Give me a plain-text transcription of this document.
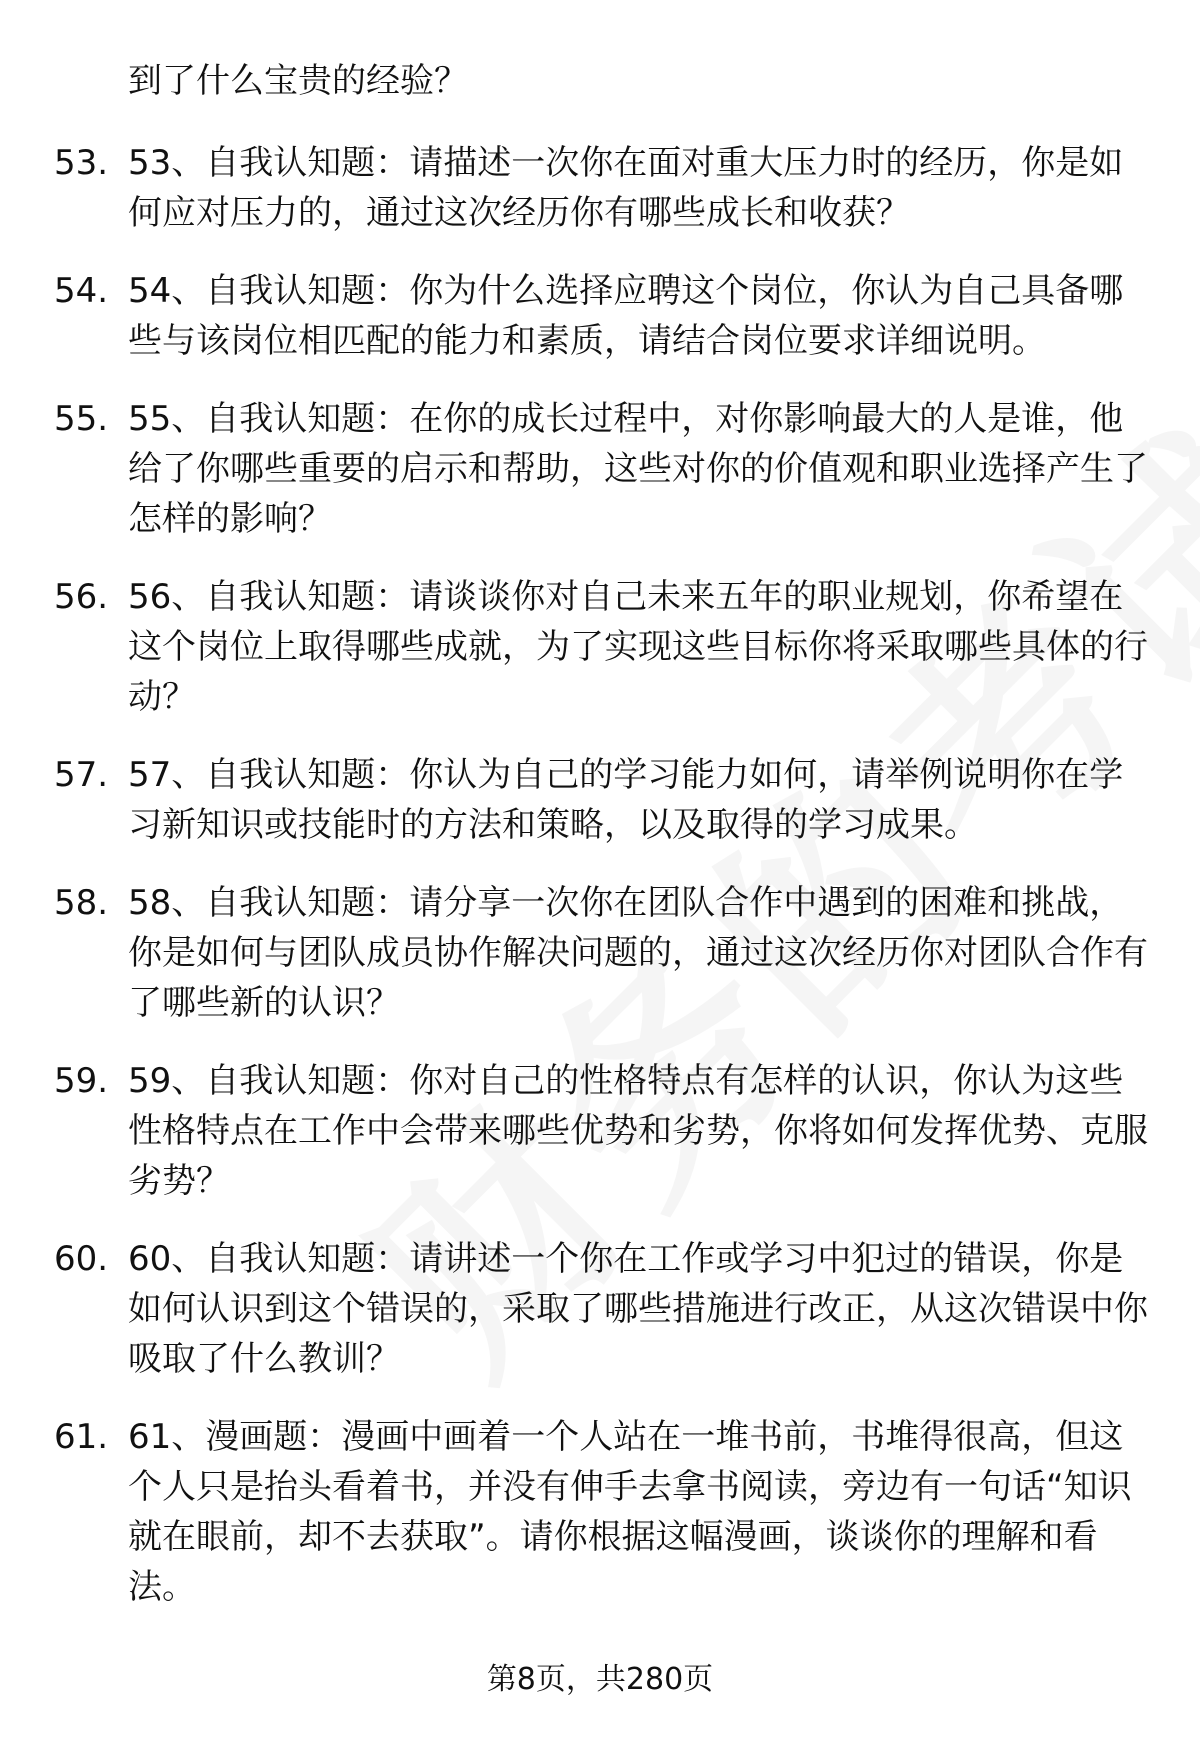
到了什么宝贵的经验？
53. 53、自我认知题：请描述一次你在面对重大压力时的经历，你是如何应对压力的，通过这次经历你有哪些成长和收获？
54. 54、自我认知题：你为什么选择应聘这个岗位，你认为自己具备哪些与该岗位相匹配的能力和素质，请结合岗位要求详细说明。
55. 55、自我认知题：在你的成长过程中，对你影响最大的人是谁，他给了你哪些重要的启示和帮助，这些对你的价值观和职业选择产生了怎样的影响？
56. 56、自我认知题：请谈谈你对自己未来五年的职业规划，你希望在这个岗位上取得哪些成就，为了实现这些目标你将采取哪些具体的行动？
57. 57、自我认知题：你认为自己的学习能力如何，请举例说明你在学习新知识或技能时的方法和策略，以及取得的学习成果。
58. 58、自我认知题：请分享一次你在团队合作中遇到的困难和挑战，你是如何与团队成员协作解决问题的，通过这次经历你对团队合作有了哪些新的认识？
59. 59、自我认知题：你对自己的性格特点有怎样的认识，你认为这些性格特点在工作中会带来哪些优势和劣势，你将如何发挥优势、克服劣势？
60. 60、自我认知题：请讲述一个你在工作或学习中犯过的错误，你是如何认识到这个错误的，采取了哪些措施进行改正，从这次错误中你吸取了什么教训？
61. 61、漫画题：漫画中画着一个人站在一堆书前，书堆得很高，但这个人只是抬头看着书，并没有伸手去拿书阅读，旁边有一句话“知识就在眼前，却不去获取”。请你根据这幅漫画，谈谈你的理解和看法。
第8页，共280页
